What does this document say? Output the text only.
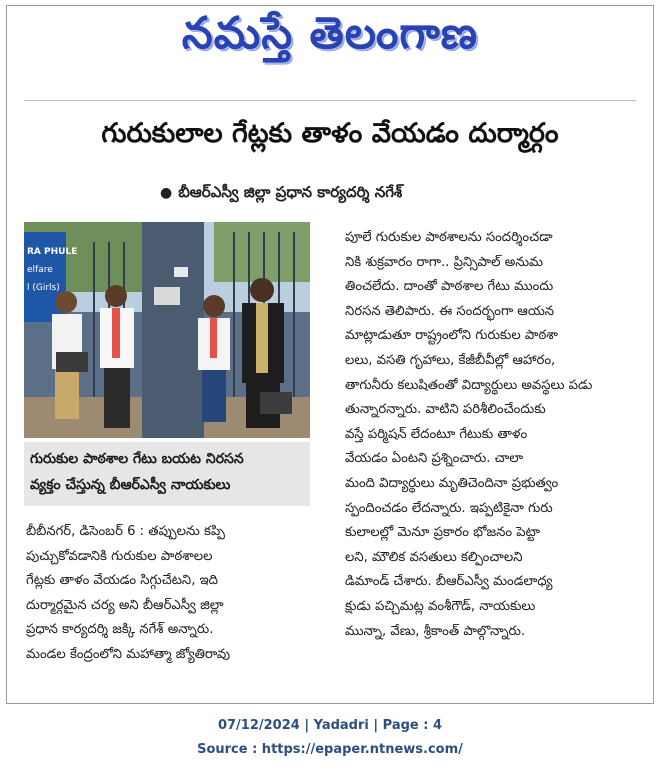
నమస్తే తెలంగాణ
గురుకులాల గేట్లకు తాళం వేయడం దుర్మార్గం
● బీఆర్ఎస్వీ జిల్లా ప్రధాన కార్యదర్శి నగేశ్
RA PHULE
elfare
l (Girls)
గురుకుల పాఠశాల గేటు బయట నిరసన
వ్యక్తం చేస్తున్న బీఆర్ఎస్వీ నాయకులు
బీబీనగర్, డిసెంబర్ 6 : తప్పులను కప్పి
పుచ్చుకోవడానికి గురుకుల పాఠశాలల
గేట్లకు తాళం వేయడం సిగ్గుచేటని, ఇది
దుర్మార్గమైన చర్య అని బీఆర్ఎస్వీ జిల్లా
ప్రధాన కార్యదర్శి జక్కి నగేశ్ అన్నారు.
మండల కేంద్రంలోని మహాత్మా జ్యోతిరావు
పూలే గురుకుల పాఠశాలను సందర్శించడా
నికి శుక్రవారం రాగా.. ప్రిన్సిపాల్ అనుమ
తించలేదు. దాంతో పాఠశాల గేటు ముందు
నిరసన తెలిపారు. ఈ సందర్భంగా ఆయన
మాట్లాడుతూ రాష్ట్రంలోని గురుకుల పాఠశా
లలు, వసతి గృహాలు, కేజీబీవీల్లో ఆహారం,
తాగునీరు కలుషితంతో విద్యార్థులు అవస్థలు పడు
తున్నారన్నారు. వాటిని పరిశీలించేందుకు
వస్తే పర్మిషన్ లేదంటూ గేటుకు తాళం
వేయడం ఏంటని ప్రశ్నించారు. చాలా
మంది విద్యార్థులు మృతిచెందినా ప్రభుత్వం
స్పందించడం లేదన్నారు. ఇప్పటికైనా గురు
కులాలల్లో మెనూ ప్రకారం భోజనం పెట్టా
లని, మౌలిక వసతులు కల్పించాలని
డిమాండ్ చేశారు. బీఆర్ఎస్వీ మండలాధ్య
క్షుడు పచ్చిమట్ల వంశీగౌడ్, నాయకులు
మున్నా, వేణు, శ్రీకాంత్ పాల్గొన్నారు.
07/12/2024 | Yadadri | Page : 4
Source : https://epaper.ntnews.com/
